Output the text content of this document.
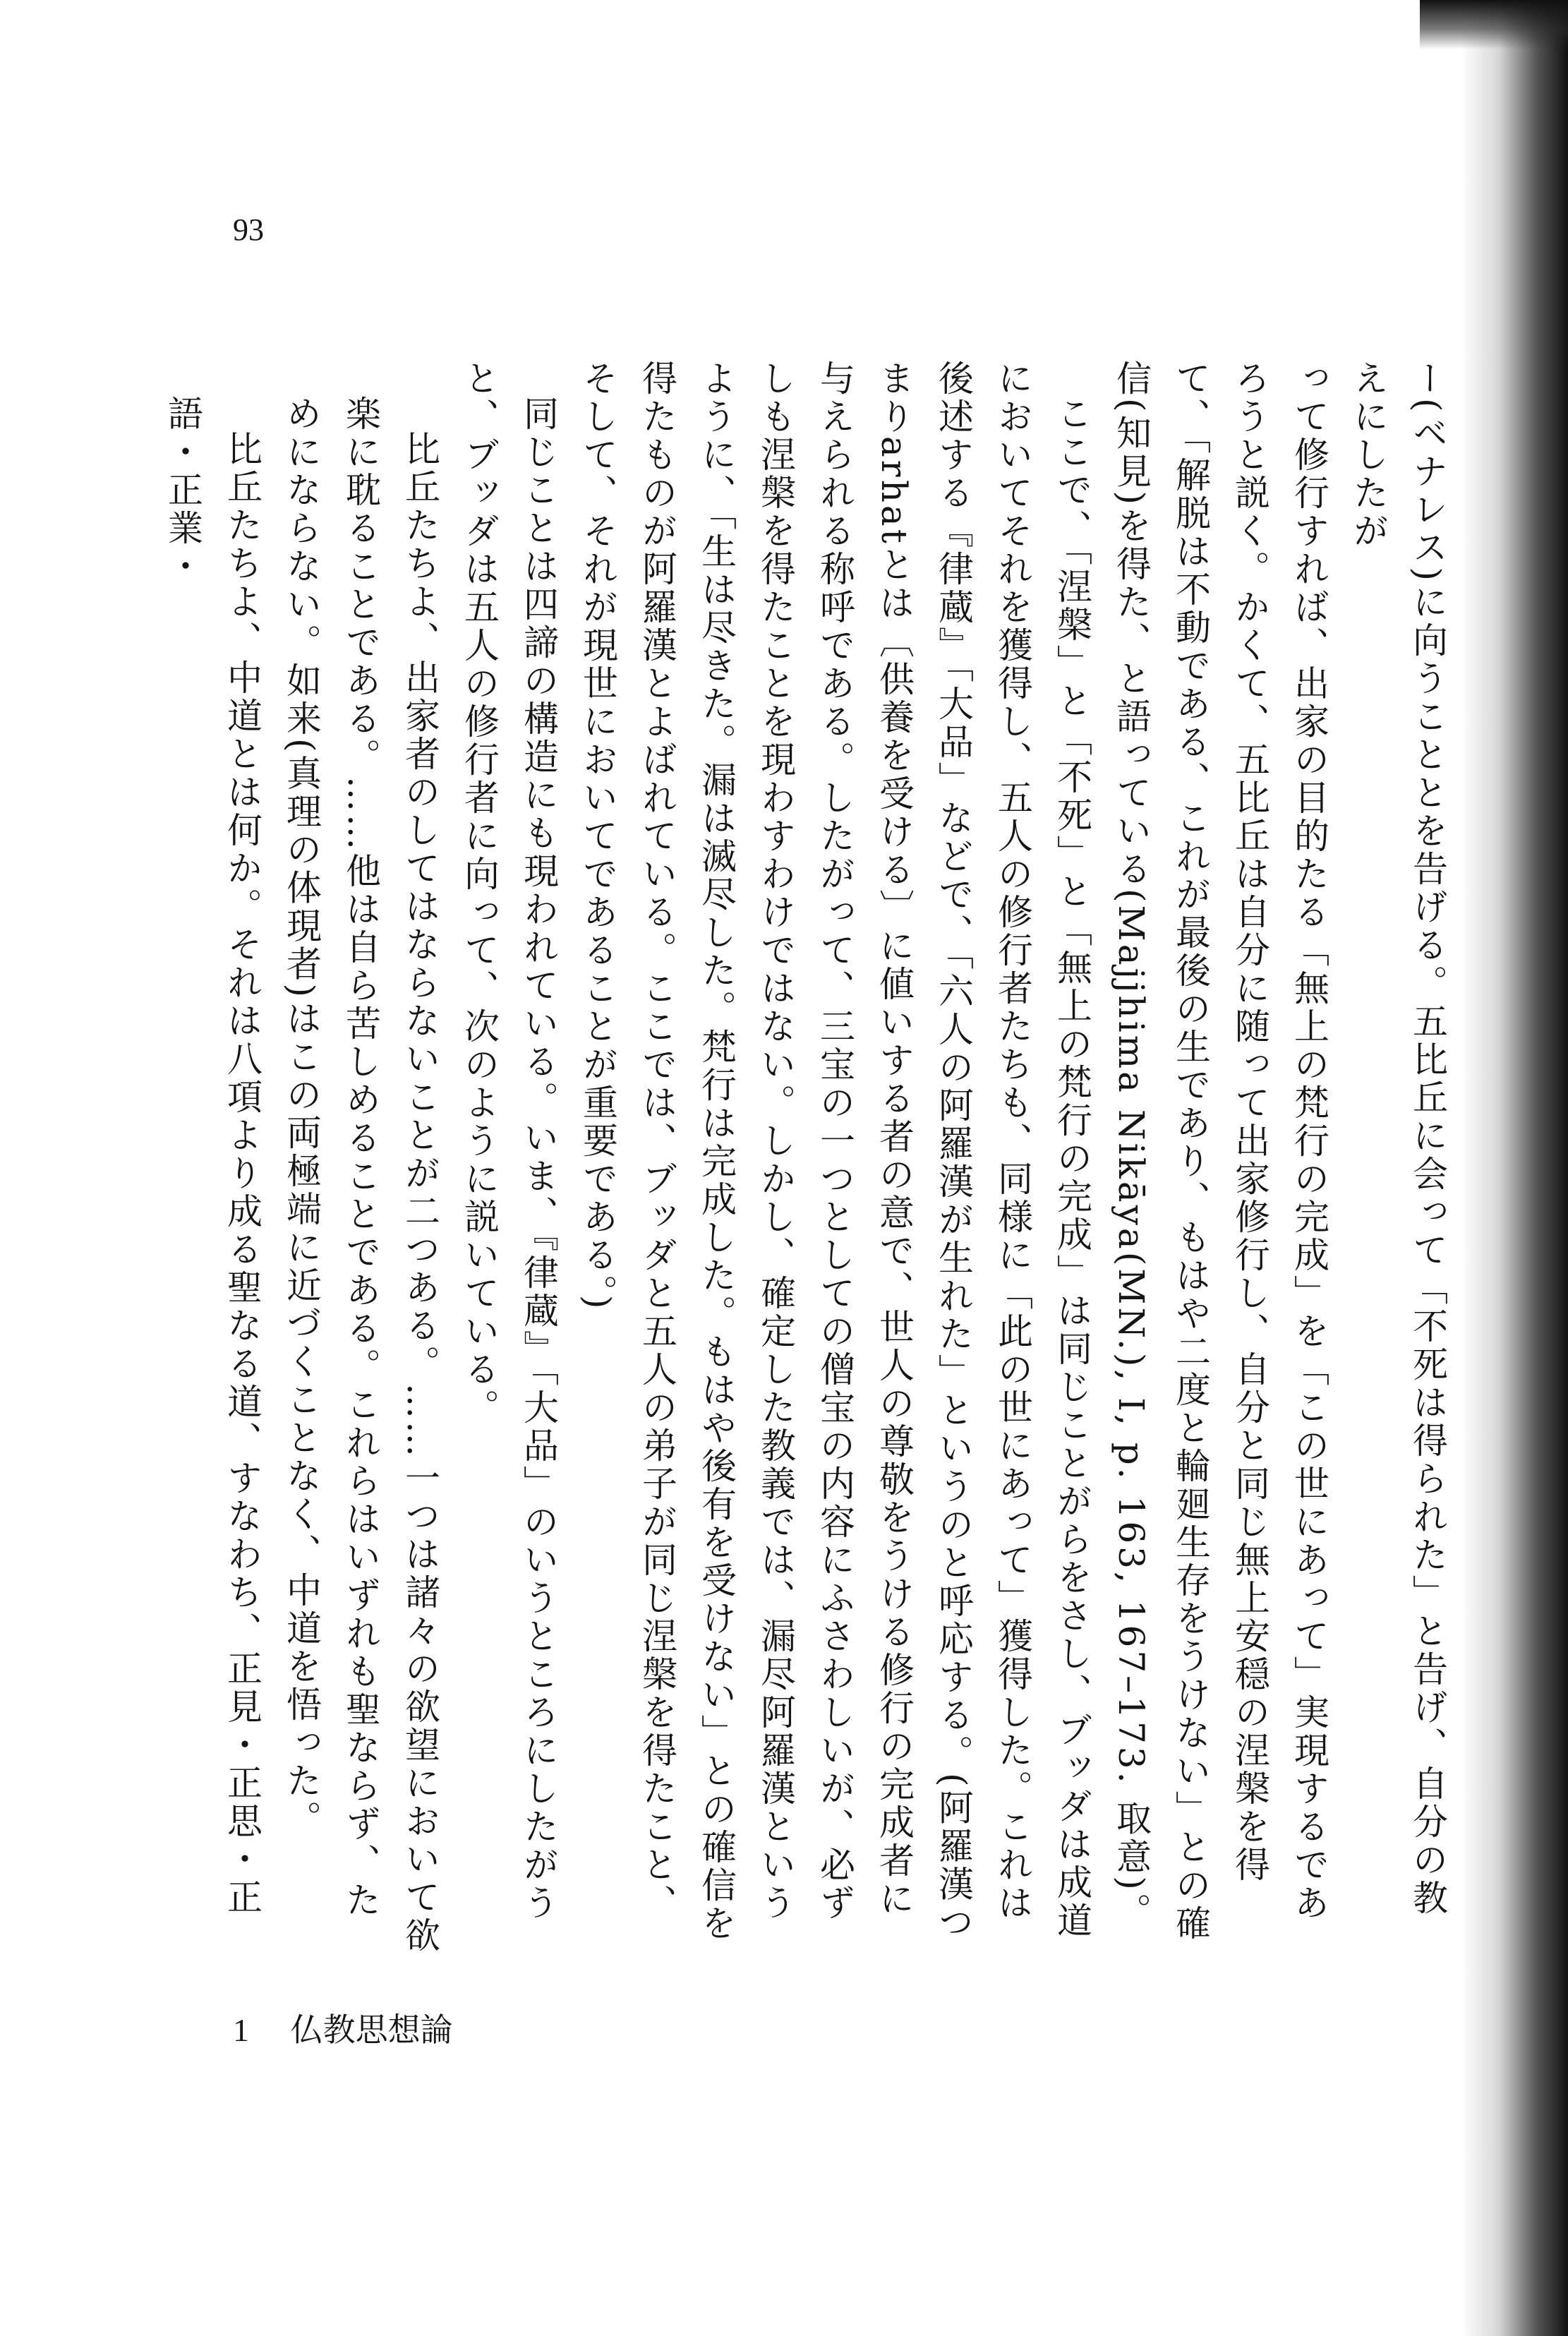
93

ー(ベナレス)に向うこととを告げる。五比丘に会って「不死は得られた」と告げ、自分の教えにしたが

って修行すれば、出家の目的たる「無上の梵行の完成」を「この世にあって」実現するであろうと説く。かくて、五比丘は自分に随って出家修行し、自分と同じ無上安穏の涅槃を得て、「解脱は不動である、これが最後の生であり、もはや二度と輪廻生存をうけない」との確信(知見)を得た、と語っている(Majjhima Nikāya(MN.), I, p. 163, 167–173. 取意)。

ここで、「涅槃」と「不死」と「無上の梵行の完成」は同じことがらをさし、ブッダは成道においてそれを獲得し、五人の修行者たちも、同様に「此の世にあって」獲得した。これは後述する『律蔵』「大品」などで、「六人の阿羅漢が生れた」というのと呼応する。(阿羅漢つまりarhatとは〔供養を受ける〕に値いする者の意で、世人の尊敬をうける修行の完成者に与えられる称呼である。したがって、三宝の一つとしての僧宝の内容にふさわしいが、必ずしも涅槃を得たことを現わすわけではない。しかし、確定した教義では、漏尽阿羅漢というように、「生は尽きた。漏は滅尽した。梵行は完成した。もはや後有を受けない」との確信を得たものが阿羅漢とよばれている。ここでは、ブッダと五人の弟子が同じ涅槃を得たこと、そして、それが現世においてであることが重要である。)

同じことは四諦の構造にも現われている。いま、『律蔵』「大品」のいうところにしたがうと、ブッダは五人の修行者に向って、次のように説いている。

比丘たちよ、出家者のしてはならないことが二つある。……一つは諸々の欲望において欲楽に耽ることである。……他は自ら苦しめることである。これらはいずれも聖ならず、ためにならない。如来(真理の体現者)はこの両極端に近づくことなく、中道を悟った。

比丘たちよ、中道とは何か。それは八項より成る聖なる道、すなわち、正見・正思・正語・正業・

1 仏教思想論
